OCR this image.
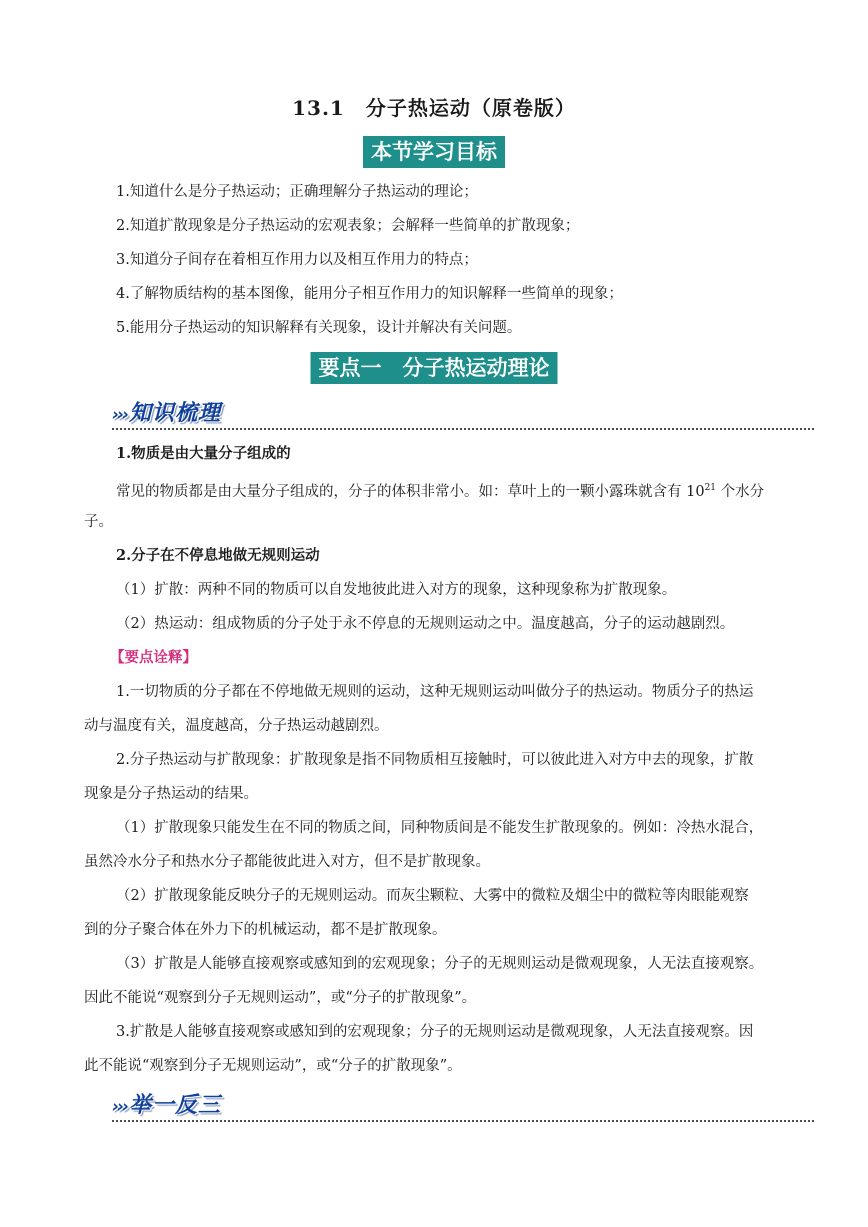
13.1　分子热运动（原卷版）
本节学习目标
1.知道什么是分子热运动；正确理解分子热运动的理论；
2.知道扩散现象是分子热运动的宏观表象；会解释一些简单的扩散现象；
3.知道分子间存在着相互作用力以及相互作用力的特点；
4.了解物质结构的基本图像，能用分子相互作用力的知识解释一些简单的现象；
5.能用分子热运动的知识解释有关现象，设计并解决有关问题。
要点一　分子热运动理论
›››知识梳理
1.物质是由大量分子组成的
常见的物质都是由大量分子组成的，分子的体积非常小。如：草叶上的一颗小露珠就含有 $10^{21}$ 个水分
子。
2.分子在不停息地做无规则运动
（1）扩散：两种不同的物质可以自发地彼此进入对方的现象，这种现象称为扩散现象。
（2）热运动：组成物质的分子处于永不停息的无规则运动之中。温度越高，分子的运动越剧烈。
【要点诠释】
1.一切物质的分子都在不停地做无规则的运动，这种无规则运动叫做分子的热运动。物质分子的热运
动与温度有关，温度越高，分子热运动越剧烈。
2.分子热运动与扩散现象：扩散现象是指不同物质相互接触时，可以彼此进入对方中去的现象，扩散
现象是分子热运动的结果。
（1）扩散现象只能发生在不同的物质之间，同种物质间是不能发生扩散现象的。例如：冷热水混合，
虽然冷水分子和热水分子都能彼此进入对方，但不是扩散现象。
（2）扩散现象能反映分子的无规则运动。而灰尘颗粒、大雾中的微粒及烟尘中的微粒等肉眼能观察
到的分子聚合体在外力下的机械运动，都不是扩散现象。
（3）扩散是人能够直接观察或感知到的宏观现象；分子的无规则运动是微观现象，人无法直接观察。
因此不能说“观察到分子无规则运动”，或“分子的扩散现象”。
3.扩散是人能够直接观察或感知到的宏观现象；分子的无规则运动是微观现象，人无法直接观察。因
此不能说“观察到分子无规则运动”，或“分子的扩散现象”。
›››举一反三
